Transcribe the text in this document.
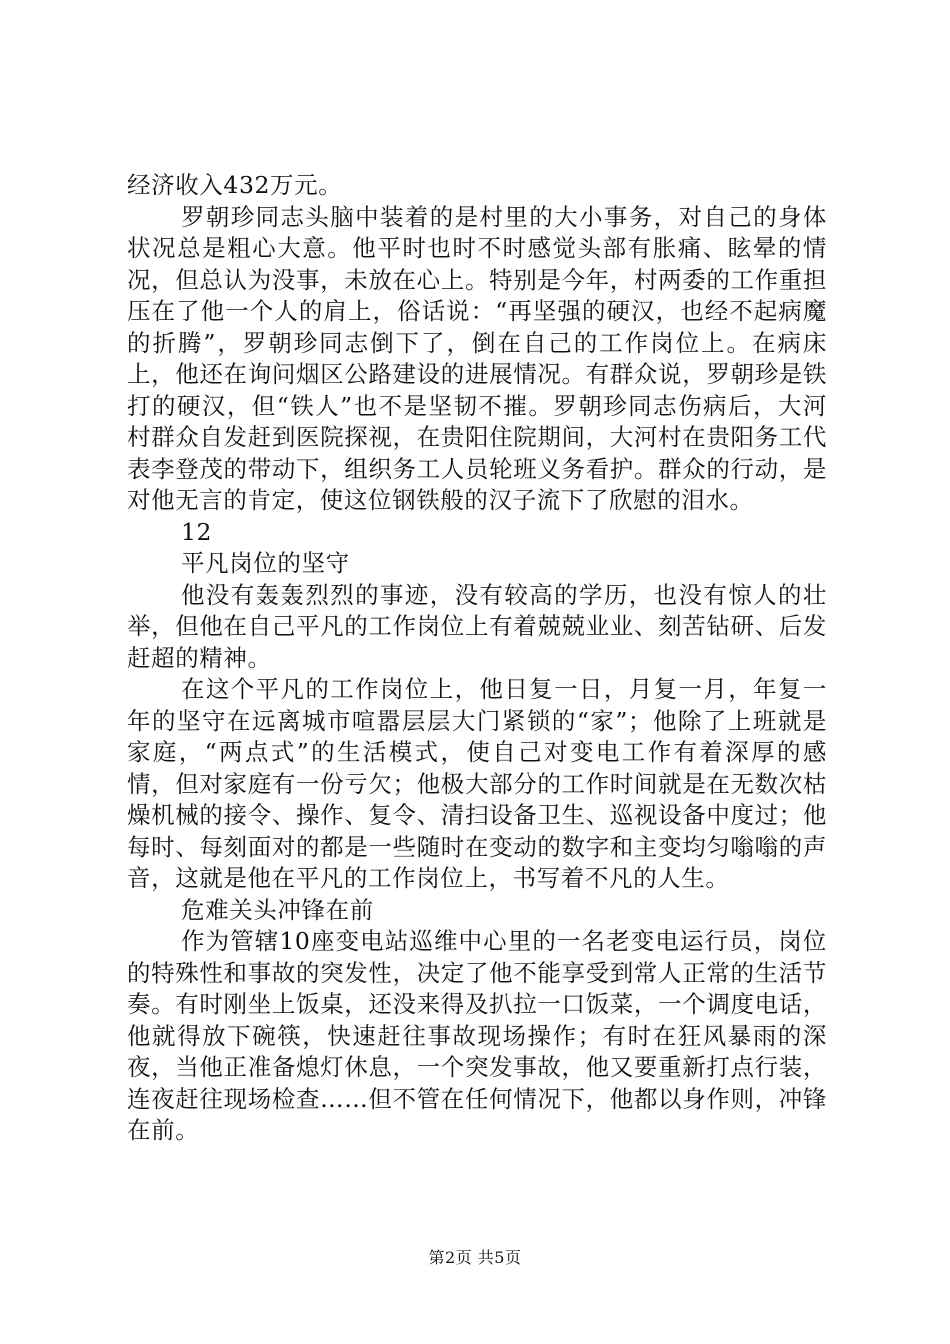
经济收入432万元。

罗朝珍同志头脑中装着的是村里的大小事务，对自己的身体状况总是粗心大意。他平时也时不时感觉头部有胀痛、眩晕的情况，但总认为没事，未放在心上。特别是今年，村两委的工作重担压在了他一个人的肩上，俗话说：“再坚强的硬汉，也经不起病魔的折腾”，罗朝珍同志倒下了，倒在自己的工作岗位上。在病床上，他还在询问烟区公路建设的进展情况。有群众说，罗朝珍是铁打的硬汉，但“铁人”也不是坚韧不摧。罗朝珍同志伤病后，大河村群众自发赶到医院探视，在贵阳住院期间，大河村在贵阳务工代表李登茂的带动下，组织务工人员轮班义务看护。群众的行动，是对他无言的肯定，使这位钢铁般的汉子流下了欣慰的泪水。

12

平凡岗位的坚守

他没有轰轰烈烈的事迹，没有较高的学历，也没有惊人的壮举，但他在自己平凡的工作岗位上有着兢兢业业、刻苦钻研、后发赶超的精神。

在这个平凡的工作岗位上，他日复一日，月复一月，年复一年的坚守在远离城市喧嚣层层大门紧锁的“家”；他除了上班就是家庭，“两点式”的生活模式，使自己对变电工作有着深厚的感情，但对家庭有一份亏欠；他极大部分的工作时间就是在无数次枯燥机械的接令、操作、复令、清扫设备卫生、巡视设备中度过；他每时、每刻面对的都是一些随时在变动的数字和主变均匀嗡嗡的声音，这就是他在平凡的工作岗位上，书写着不凡的人生。

危难关头冲锋在前

作为管辖10座变电站巡维中心里的一名老变电运行员，岗位的特殊性和事故的突发性，决定了他不能享受到常人正常的生活节奏。有时刚坐上饭桌，还没来得及扒拉一口饭菜，一个调度电话，他就得放下碗筷，快速赶往事故现场操作；有时在狂风暴雨的深夜，当他正准备熄灯休息，一个突发事故，他又要重新打点行装，连夜赶往现场检查……但不管在任何情况下，他都以身作则，冲锋在前。

第2页 共5页
